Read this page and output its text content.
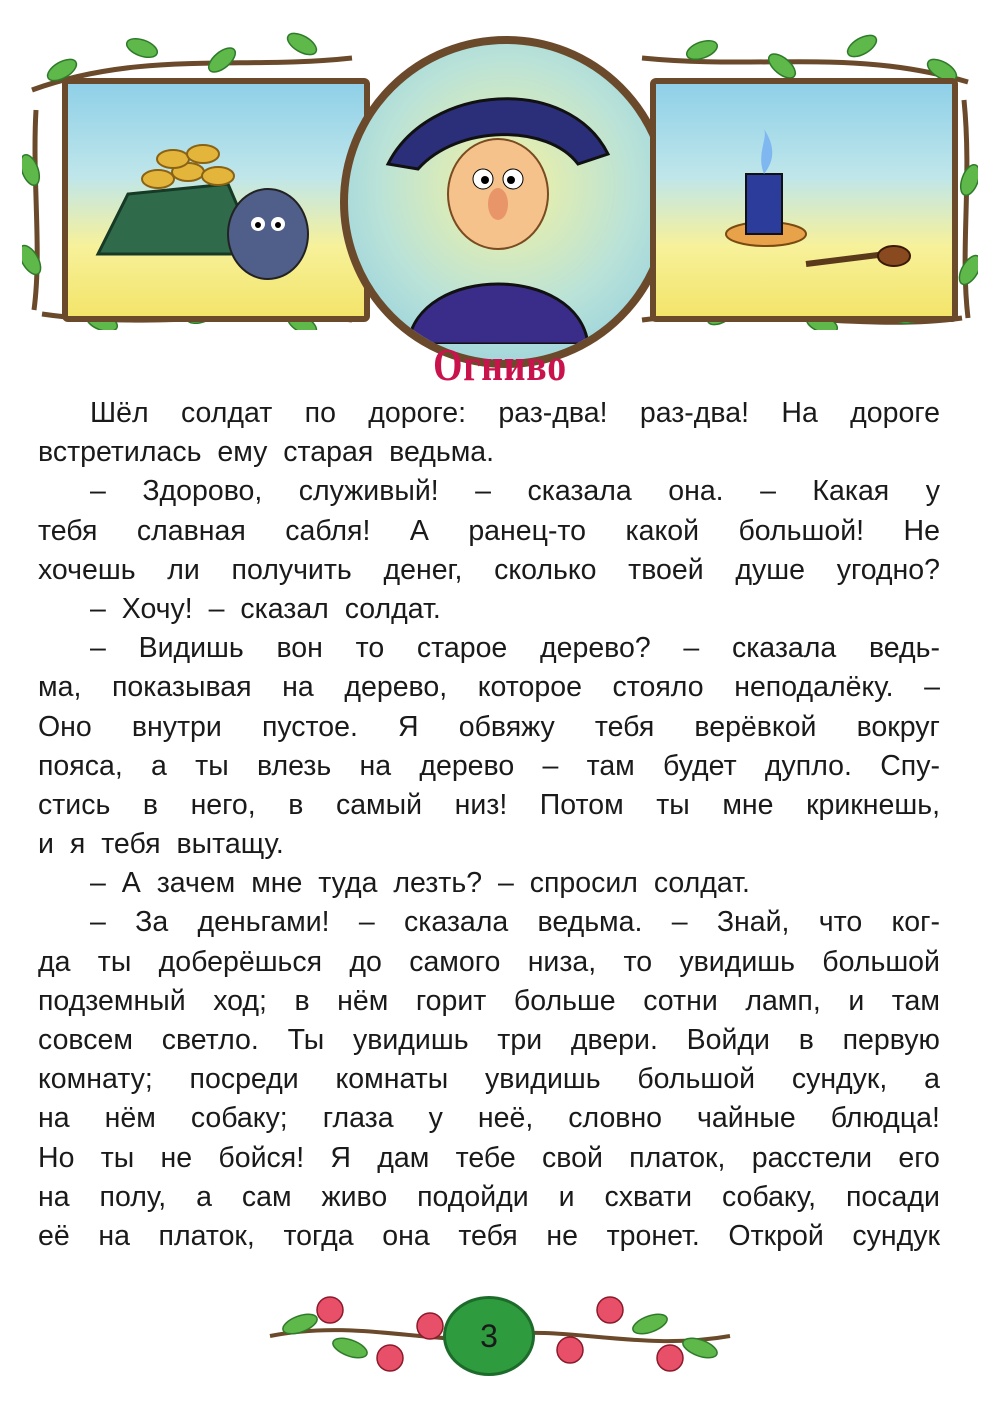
Огниво
Шёл солдат по дороге: раз-два! раз-два! На дороге
встретилась ему старая ведьма.
– Здорово, служивый! – сказала она. – Какая у
тебя славная сабля! А ранец-то какой большой! Не
хочешь ли получить денег, сколько твоей душе угодно?
– Хочу! – сказал солдат.
– Видишь вон то старое дерево? – сказала ведь-
ма, показывая на дерево, которое стояло неподалёку. –
Оно внутри пустое. Я обвяжу тебя верёвкой вокруг
пояса, а ты влезь на дерево – там будет дупло. Спу-
стись в него, в самый низ! Потом ты мне крикнешь,
и я тебя вытащу.
– А зачем мне туда лезть? – спросил солдат.
– За деньгами! – сказала ведьма. – Знай, что ког-
да ты доберёшься до самого низа, то увидишь большой
подземный ход; в нём горит больше сотни ламп, и там
совсем светло. Ты увидишь три двери. Войди в первую
комнату; посреди комнаты увидишь большой сундук, а
на нём собаку; глаза у неё, словно чайные блюдца!
Но ты не бойся! Я дам тебе свой платок, расстели его
на полу, а сам живо подойди и схвати собаку, посади
её на платок, тогда она тебя не тронет. Открой сундук
3
